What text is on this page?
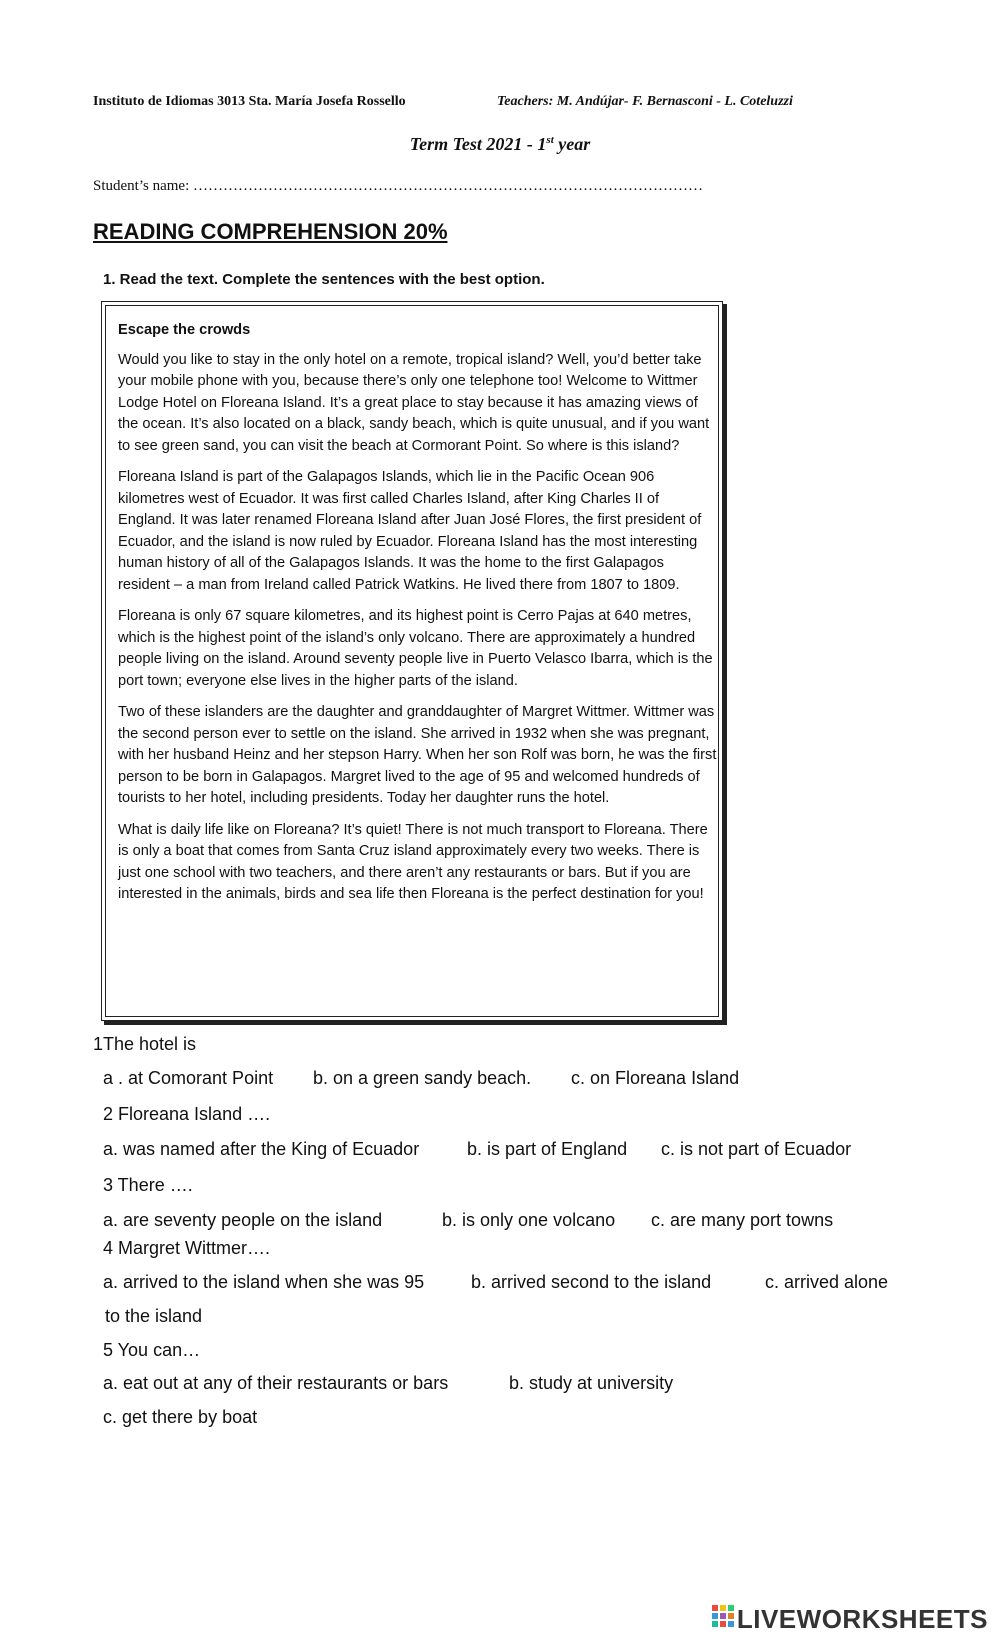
Instituto de Idiomas 3013 Sta. María Josefa Rossello	Teachers: M. Andújar- F. Bernasconi - L. Coteluzzi
Term Test 2021 - 1st year
Student’s name: …………………………………………………………………………………………
READING COMPREHENSION 20%
1. Read the text. Complete the sentences with the best option.
Escape the crowds

Would you like to stay in the only hotel on a remote, tropical island? Well, you’d better take your mobile phone with you, because there’s only one telephone too! Welcome to Wittmer Lodge Hotel on Floreana Island. It’s a great place to stay because it has amazing views of the ocean. It’s also located on a black, sandy beach, which is quite unusual, and if you want to see green sand, you can visit the beach at Cormorant Point. So where is this island?

Floreana Island is part of the Galapagos Islands, which lie in the Pacific Ocean 906 kilometres west of Ecuador. It was first called Charles Island, after King Charles II of England. It was later renamed Floreana Island after Juan José Flores, the first president of Ecuador, and the island is now ruled by Ecuador. Floreana Island has the most interesting human history of all of the Galapagos Islands. It was the home to the first Galapagos resident – a man from Ireland called Patrick Watkins. He lived there from 1807 to 1809.

Floreana is only 67 square kilometres, and its highest point is Cerro Pajas at 640 metres, which is the highest point of the island’s only volcano. There are approximately a hundred people living on the island. Around seventy people live in Puerto Velasco Ibarra, which is the port town; everyone else lives in the higher parts of the island.

Two of these islanders are the daughter and granddaughter of Margret Wittmer. Wittmer was the second person ever to settle on the island. She arrived in 1932 when she was pregnant, with her husband Heinz and her stepson Harry. When her son Rolf was born, he was the first person to be born in Galapagos. Margret lived to the age of 95 and welcomed hundreds of tourists to her hotel, including presidents. Today her daughter runs the hotel.

What is daily life like on Floreana? It’s quiet! There is not much transport to Floreana. There is only a boat that comes from Santa Cruz island approximately every two weeks. There is just one school with two teachers, and there aren’t any restaurants or bars. But if you are interested in the animals, birds and sea life then Floreana is the perfect destination for you!

1The hotel is
a . at Comorant Point b. on a green sandy beach. c. on Floreana Island
2 Floreana Island ….
a. was named after the King of Ecuador	b. is part of England c. is not part of Ecuador
3 There ….
a. are seventy people on the island	b. is only one volcano c. are many port towns
4 Margret Wittmer….
a. arrived to the island when she was 95	b. arrived second to the island	c. arrived alone
to the island
5 You can…
a. eat out at any of their restaurants or bars	b. study at university
c. get there by boat
LIVEWORKSHEETS
